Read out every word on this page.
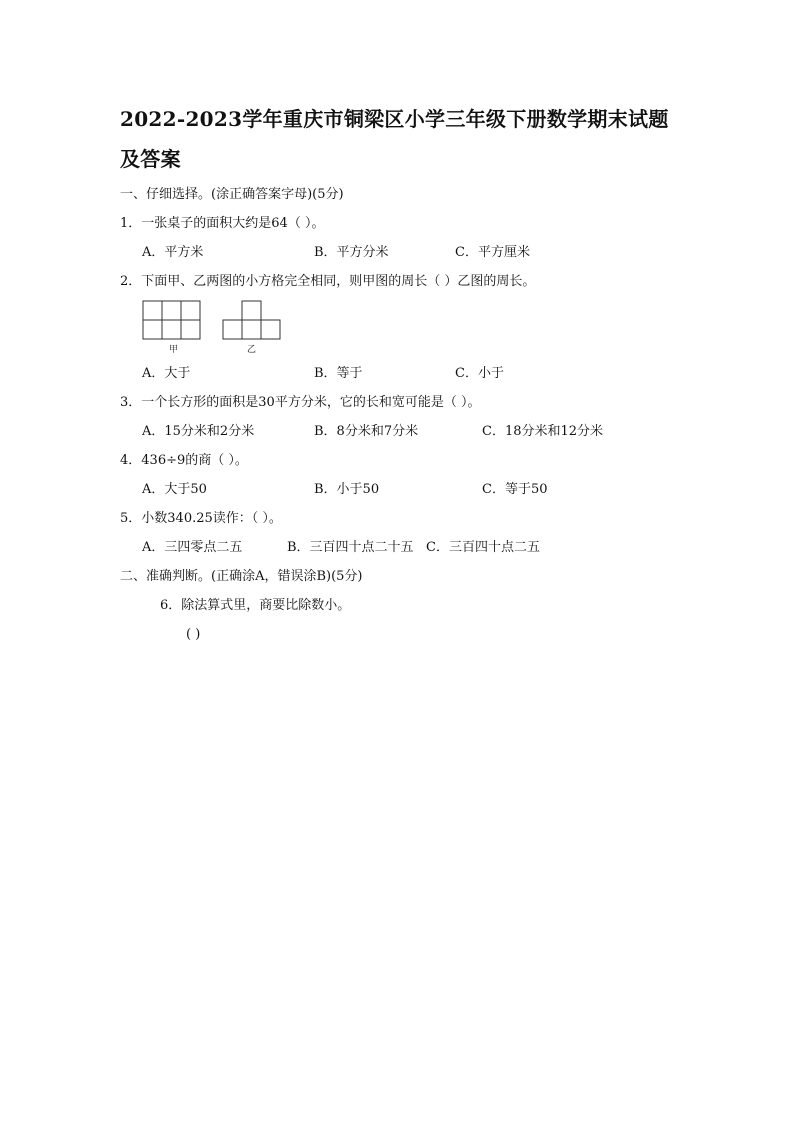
2022-2023学年重庆市铜梁区小学三年级下册数学期末试题
及答案
一、仔细选择。(涂正确答案字母)(5分)
1．一张桌子的面积大约是64（ ）。
A．平方米	B．平方分米	C．平方厘米
2．下面甲、乙两图的小方格完全相同，则甲图的周长（ ）乙图的周长。
甲	乙
A．大于	B．等于	C．小于
3．一个长方形的面积是30平方分米，它的长和宽可能是（ ）。
A．15分米和2分米	B．8分米和7分米	C．18分米和12分米
4．436÷9的商（ ）。
A．大于50	B．小于50	C．等于50
5．小数340.25读作：（ ）。
A．三四零点二五	B．三百四十点二十五 C．三百四十点二五
二、准确判断。(正确涂A，错误涂B)(5分)
6．除法算式里，商要比除数小。
( )
